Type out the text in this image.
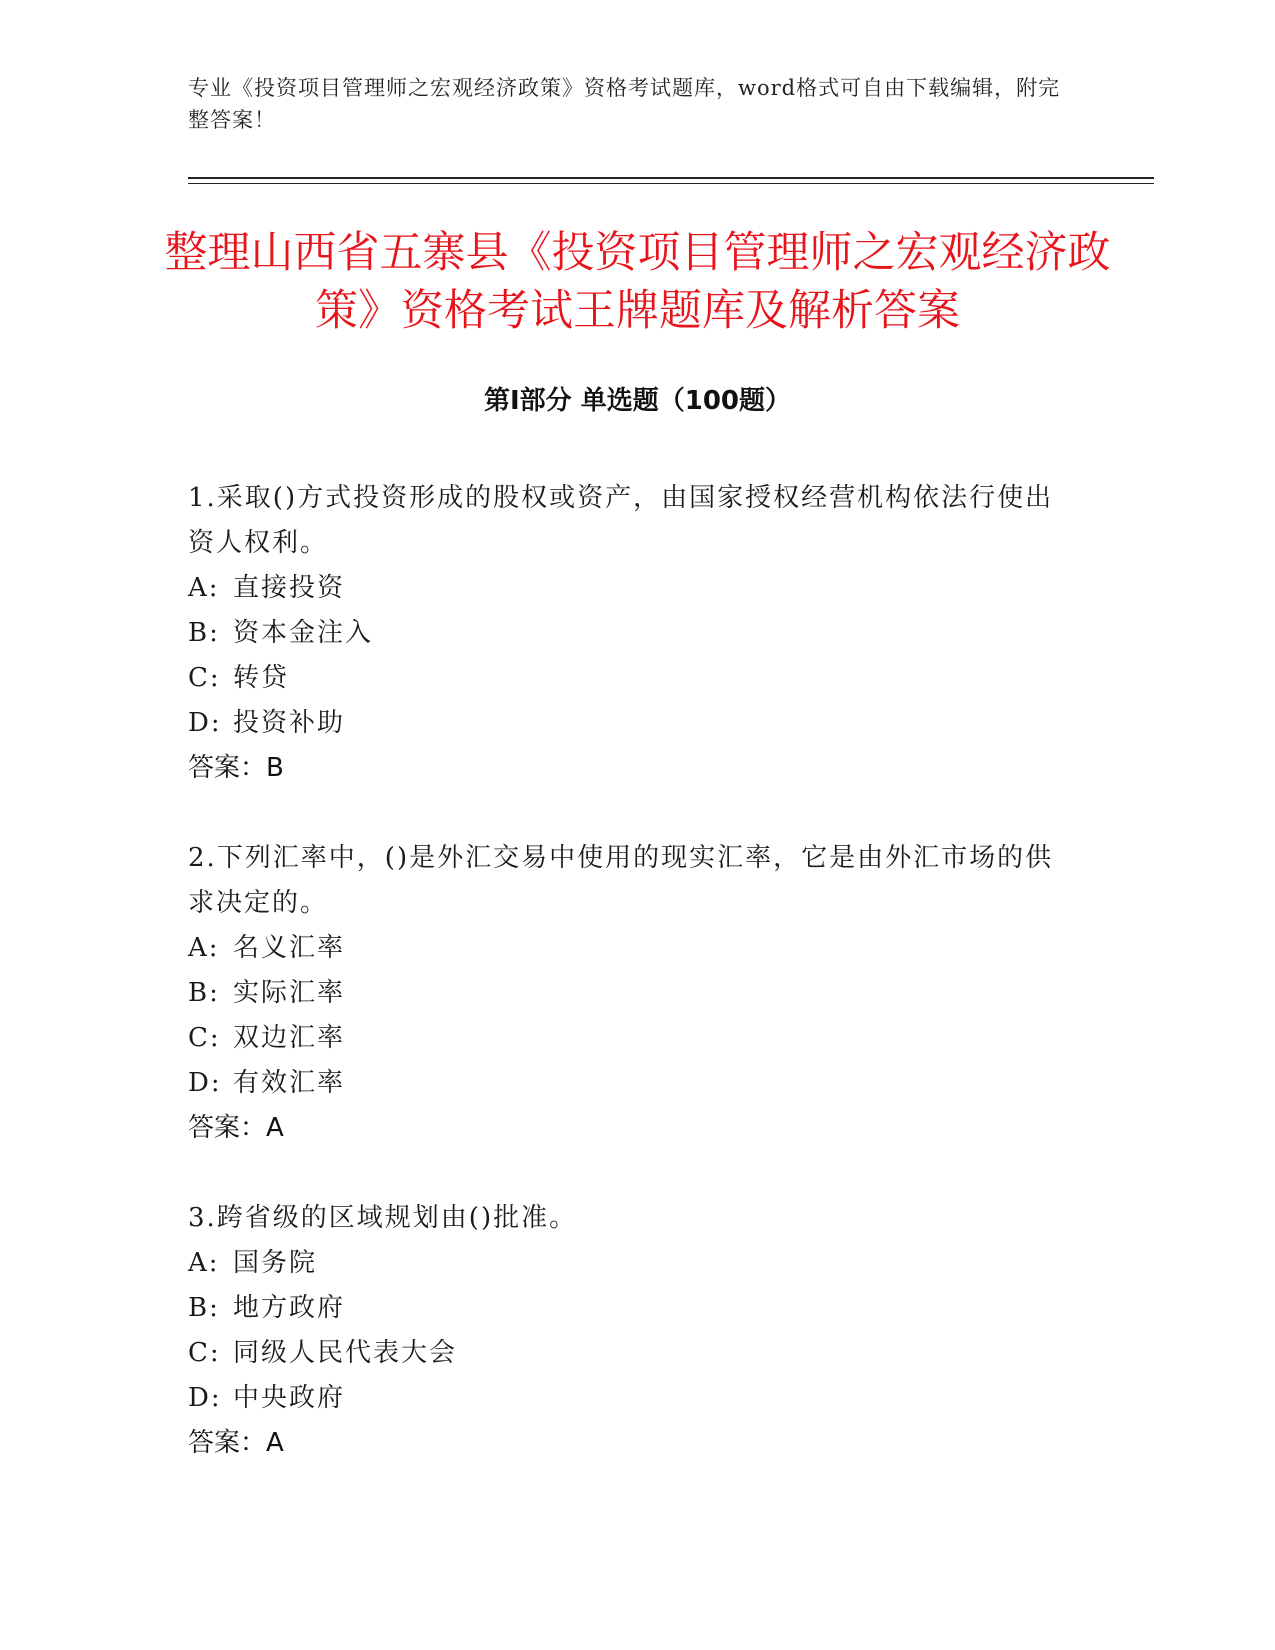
专业《投资项目管理师之宏观经济政策》资格考试题库，word格式可自由下载编辑，附完整答案！
整理山西省五寨县《投资项目管理师之宏观经济政策》资格考试王牌题库及解析答案
第Ⅰ部分 单选题（100题）

1.采取()方式投资形成的股权或资产，由国家授权经营机构依法行使出资人权利。

A: 直接投资

B: 资本金注入

C: 转贷

D: 投资补助

答案：B

2.下列汇率中，()是外汇交易中使用的现实汇率，它是由外汇市场的供求决定的。

A: 名义汇率

B: 实际汇率

C: 双边汇率

D: 有效汇率

答案：A

3.跨省级的区域规划由()批准。

A: 国务院

B: 地方政府

C: 同级人民代表大会

D: 中央政府

答案：A
